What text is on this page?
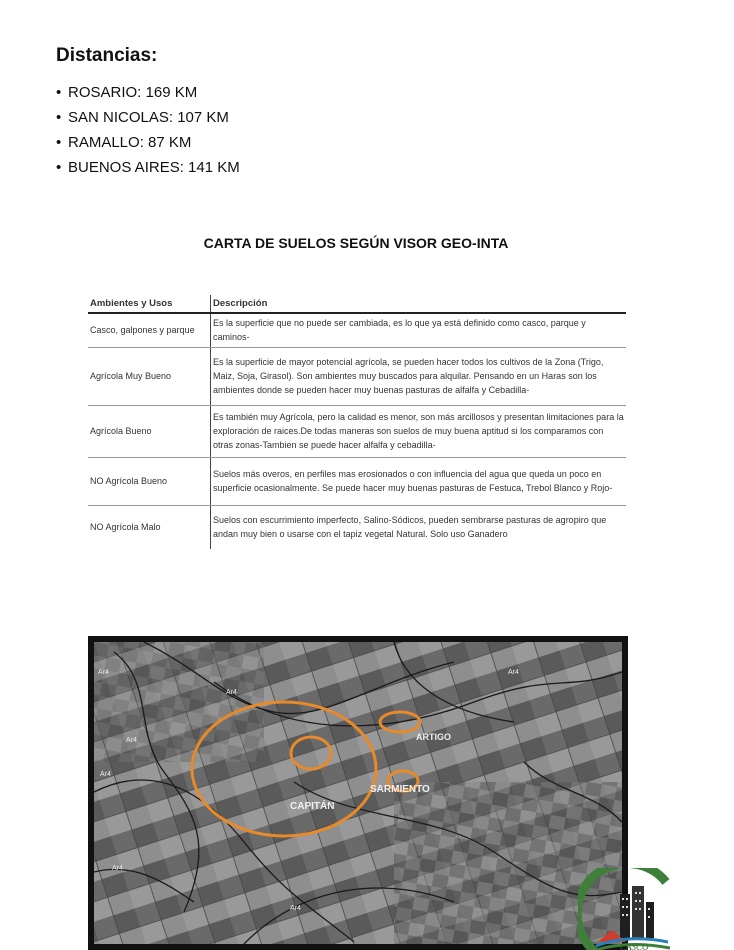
Distancias:
• ROSARIO: 169 KM
• SAN NICOLAS: 107 KM
• RAMALLO: 87 KM
• BUENOS AIRES: 141 KM
CARTA DE SUELOS SEGÚN VISOR GEO-INTA
Ambientes y Usos	Descripción
Casco, galpones y parque	Es la superficie que no puede ser cambiada, es lo que ya está definido como casco, parque y caminos-
Agrícola Muy Bueno	Es la superficie de mayor potencial agrícola, se pueden hacer todos los cultivos de la Zona (Trigo, Maiz, Soja, Girasol). Son ambientes muy buscados para alquilar. Pensando en un Haras son los ambientes donde se pueden hacer muy buenas pasturas de alfalfa y Cebadilla-
Agrícola Bueno	Es también muy Agrícola, pero la calidad es menor, son más arcillosos y presentan limitaciones para la exploración de raices.De todas maneras son suelos de muy buena aptitud si los comparamos con otras zonas-Tambien se puede hacer alfalfa y cebadilla-
NO Agrícola Bueno	Suelos más overos, en perfiles mas erosionados o con influencia del agua que queda un poco en superficie ocasionalmente. Se puede hacer muy buenas pasturas de Festuca, Trebol Blanco y Rojo-
NO Agrícola Malo	Suelos con escurrimiento imperfecto, Salino-Sódicos, pueden sembrarse pasturas de agropiro que andan muy bien o usarse con el tapiz vegetal Natural. Solo uso Ganadero
CAPITÁN
SARMIENTO
ARTIGO
Ar4
Ar4
Ar4
Ar4
Ar4
Ar4
Ar4
CASCO
